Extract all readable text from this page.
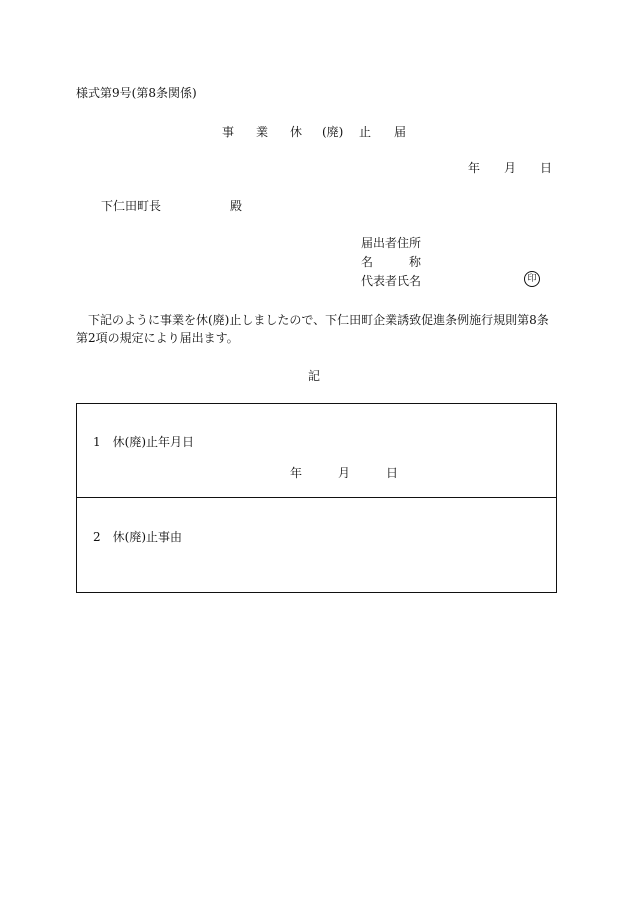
様式第9号(第8条関係)
事 業 休 (廃) 止 届
年 月 日
下仁田町長	殿
届出者住所
名	称
代表者氏名	印
下記のように事業を休(廃)止しましたので、下仁田町企業誘致促進条例施行規則第8条
第2項の規定により届出ます。
記
1　休(廃)止年月日
年	月	日
2　休(廃)止事由
